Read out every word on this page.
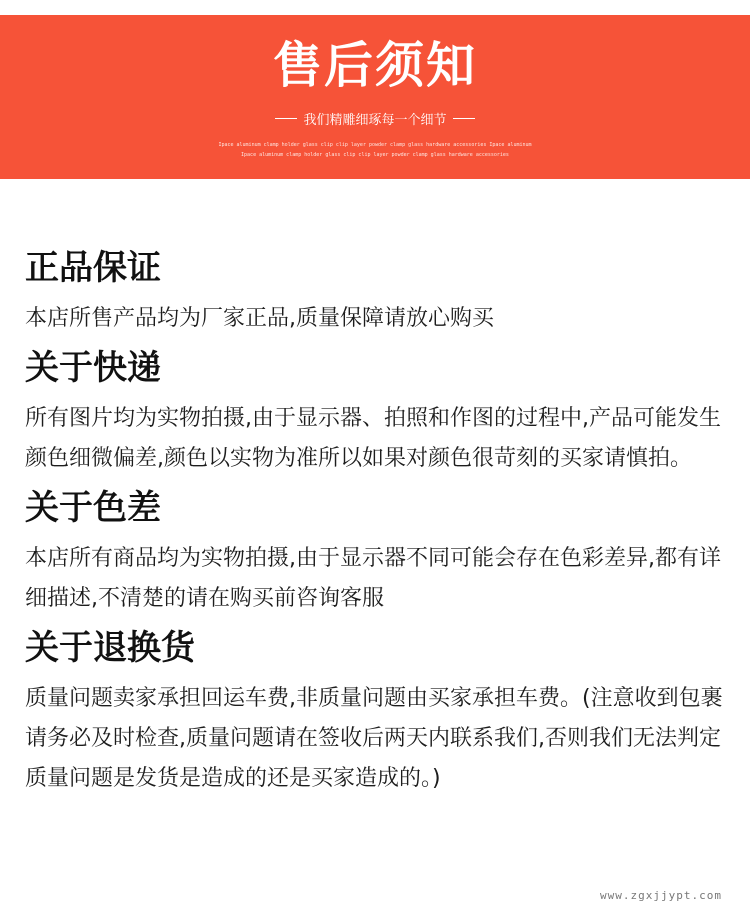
售后须知
我们精雕细琢每一个细节
Ipace aluminum clamp holder glass clip clip layer powder clamp glass hardware accessories Ipace aluminum
Ipace aluminum clamp holder glass clip clip layer powder clamp glass hardware accessories
正品保证

本店所售产品均为厂家正品,质量保障请放心购买

关于快递

所有图片均为实物拍摄,由于显示器、拍照和作图的过程中,产品可能发生颜色细微偏差,颜色以实物为准所以如果对颜色很苛刻的买家请慎拍。

关于色差

本店所有商品均为实物拍摄,由于显示器不同可能会存在色彩差异,都有详细描述,不清楚的请在购买前咨询客服

关于退换货

质量问题卖家承担回运车费,非质量问题由买家承担车费。(注意收到包裹请务必及时检查,质量问题请在签收后两天内联系我们,否则我们无法判定质量问题是发货是造成的还是买家造成的。)

www.zgxjjypt.com
